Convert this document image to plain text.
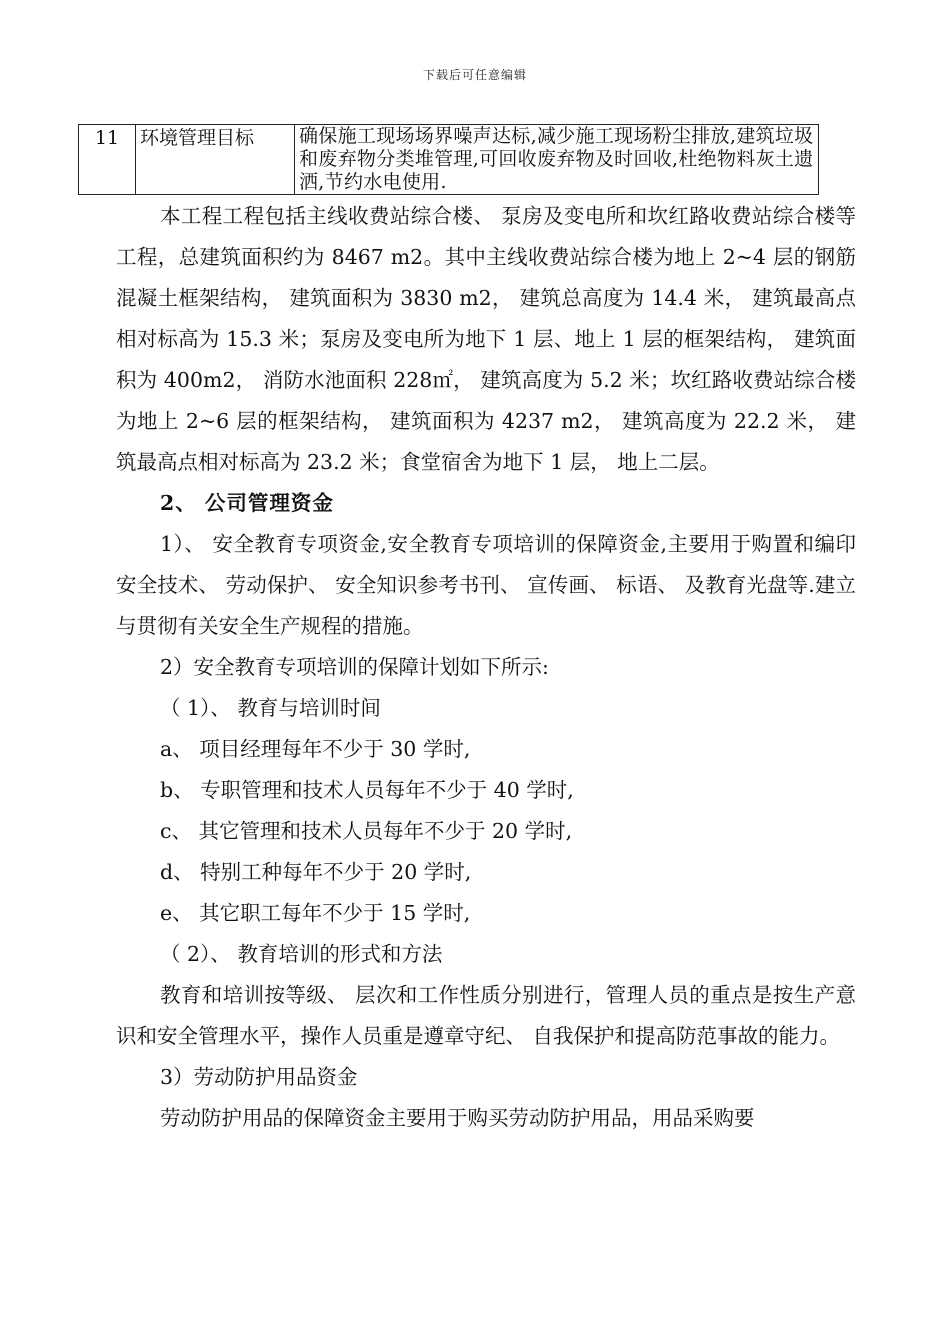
下载后可任意编辑
11	环境管理目标	确保施工现场场界噪声达标,减少施工现场粉尘排放,建筑垃圾和废弃物分类堆管理,可回收废弃物及时回收,杜绝物料灰土遗洒,节约水电使用.

本工程工程包括主线收费站综合楼、 泵房及变电所和坎红路收费站综合楼等工程，总建筑面积约为 8467 m2。其中主线收费站综合楼为地上 2~4 层的钢筋混凝土框架结构， 建筑面积为 3830 m2， 建筑总高度为 14.4 米， 建筑最高点相对标高为 15.3 米；泵房及变电所为地下 1 层、地上 1 层的框架结构， 建筑面积为 400m2， 消防水池面积 228㎡， 建筑高度为 5.2 米；坎红路收费站综合楼为地上 2~6 层的框架结构， 建筑面积为 4237 m2， 建筑高度为 22.2 米， 建筑最高点相对标高为 23.2 米；食堂宿舍为地下 1 层， 地上二层。

2、 公司管理资金

1）、 安全教育专项资金,安全教育专项培训的保障资金,主要用于购置和编印安全技术、 劳动保护、 安全知识参考书刊、 宣传画、 标语、 及教育光盘等.建立与贯彻有关安全生产规程的措施。

2）安全教育专项培训的保障计划如下所示:

（ 1）、 教育与培训时间

a、 项目经理每年不少于 30 学时,

b、 专职管理和技术人员每年不少于 40 学时,

c、 其它管理和技术人员每年不少于 20 学时,

d、 特别工种每年不少于 20 学时,

e、 其它职工每年不少于 15 学时,

（ 2）、 教育培训的形式和方法

教育和培训按等级、 层次和工作性质分别进行，管理人员的重点是按生产意识和安全管理水平，操作人员重是遵章守纪、 自我保护和提高防范事故的能力。

3）劳动防护用品资金

劳动防护用品的保障资金主要用于购买劳动防护用品，用品采购要
